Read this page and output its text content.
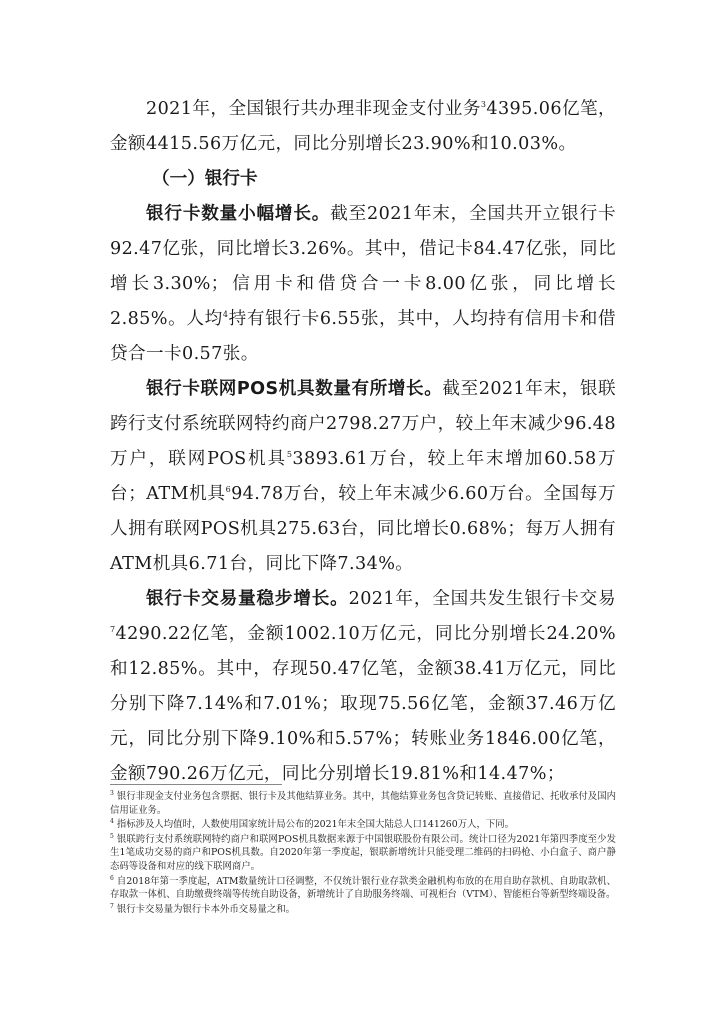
2021年，全国银行共办理非现金支付业务$^3$4395.06亿笔，金额4415.56万亿元，同比分别增长23.90%和10.03%。

（一）银行卡

银行卡数量小幅增长。截至2021年末，全国共开立银行卡92.47亿张，同比增长3.26%。其中，借记卡84.47亿张，同比增长3.30%；信用卡和借贷合一卡8.00亿张，同比增长2.85%。人均$^4$持有银行卡6.55张，其中，人均持有信用卡和借贷合一卡0.57张。

银行卡联网POS机具数量有所增长。截至2021年末，银联跨行支付系统联网特约商户2798.27万户，较上年末减少96.48万户，联网POS机具$^5$3893.61万台，较上年末增加60.58万台；ATM机具$^6$94.78万台，较上年末减少6.60万台。全国每万人拥有联网POS机具275.63台，同比增长0.68%；每万人拥有ATM机具6.71台，同比下降7.34%。

银行卡交易量稳步增长。2021年，全国共发生银行卡交易$^7$4290.22亿笔，金额1002.10万亿元，同比分别增长24.20%和12.85%。其中，存现50.47亿笔，金额38.41万亿元，同比分别下降7.14%和7.01%；取现75.56亿笔，金额37.46万亿元，同比分别下降9.10%和5.57%；转账业务1846.00亿笔，金额790.26万亿元，同比分别增长19.81%和14.47%；

$^3$ 银行非现金支付业务包含票据、银行卡及其他结算业务。其中，其他结算业务包含贷记转账、直接借记、托收承付及国内信用证业务。

$^4$ 指标涉及人均值时，人数使用国家统计局公布的2021年末全国大陆总人口141260万人，下同。

$^5$ 银联跨行支付系统联网特约商户和联网POS机具数据来源于中国银联股份有限公司。统计口径为2021年第四季度至少发生1笔成功交易的商户和POS机具数。自2020年第一季度起，银联新增统计只能受理二维码的扫码枪、小白盒子、商户静态码等设备和对应的线下联网商户。

$^6$ 自2018年第一季度起，ATM数量统计口径调整，不仅统计银行业存款类金融机构布放的在用自助存款机、自助取款机、存取款一体机、自助缴费终端等传统自助设备，新增统计了自助服务终端、可视柜台（VTM）、智能柜台等新型终端设备。

$^7$ 银行卡交易量为银行卡本外币交易量之和。
